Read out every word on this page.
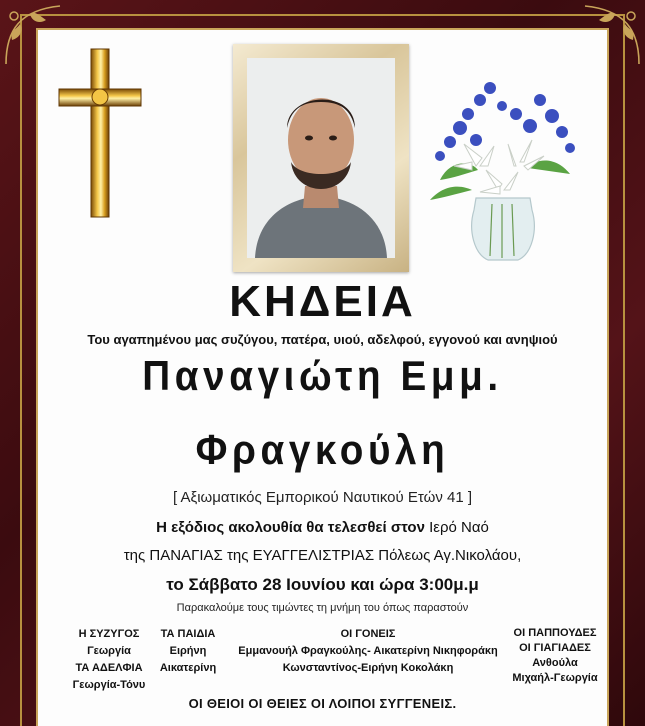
ΚΗΔΕΙΑ
Του αγαπημένου μας συζύγου, πατέρα, υιού, αδελφού, εγγονού και ανηψιού
Παναγιώτη Εμμ.
Φραγκούλη
[ Αξιωματικός Εμπορικού Ναυτικού Ετών 41 ]
Η εξόδιος ακολουθία θα τελεσθεί στον Ιερό Ναό
της ΠΑΝΑΓΙΑΣ της ΕΥΑΓΓΕΛΙΣΤΡΙΑΣ Πόλεως Αγ.Νικολάου,
το Σάββατο 28 Ιουνίου και ώρα 3:00μ.μ
Παρακαλούμε τους τιμώντες τη μνήμη του όπως παραστούν
Η ΣΥΖΥΓΟΣ
Γεωργία
ΤΑ ΑΔΕΛΦΙΑ
Γεωργία-Τόνυ
ΤΑ ΠΑΙΔΙΑ
Ειρήνη
Αικατερίνη
ΟΙ ΓΟΝΕΙΣ
Εμμανουήλ Φραγκούλης- Αικατερίνη Νικηφοράκη
Κωνσταντίνος-Ειρήνη Κοκολάκη
ΟΙ ΠΑΠΠΟΥΔΕΣ
ΟΙ ΓΙΑΓΙΑΔΕΣ
Ανθούλα
Μιχαήλ-Γεωργία
ΟΙ ΘΕΙΟΙ ΟΙ ΘΕΙΕΣ ΟΙ ΛΟΙΠΟΙ ΣΥΓΓΕΝΕΙΣ.
